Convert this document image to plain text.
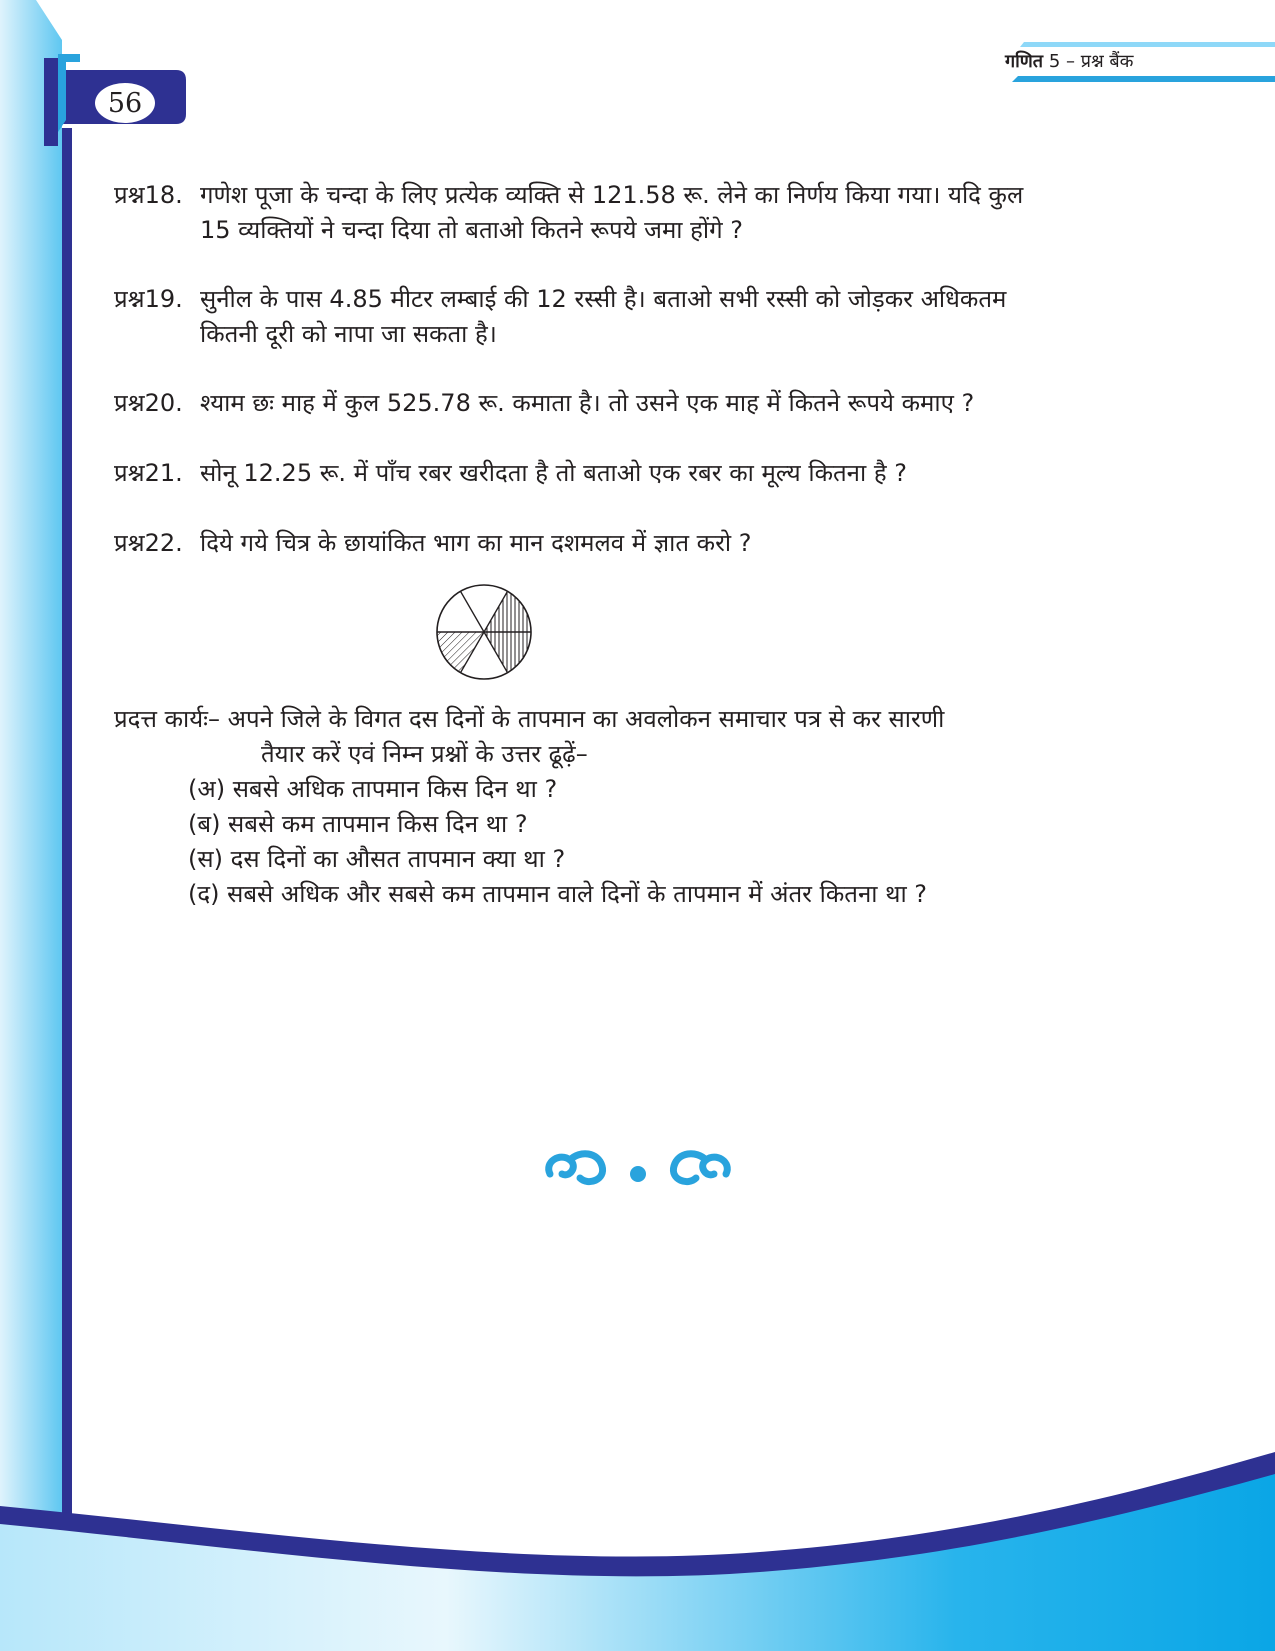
56
गणित 5 – प्रश्न बैंक
प्रश्न18. गणेश पूजा के चन्दा के लिए प्रत्येक व्यक्ति से 121.58 रू. लेने का निर्णय किया गया। यदि कुल
15 व्यक्तियों ने चन्दा दिया तो बताओ कितने रूपये जमा होंगे ?
प्रश्न19. सुनील के पास 4.85 मीटर लम्बाई की 12 रस्सी है। बताओ सभी रस्सी को जोड़कर अधिकतम
कितनी दूरी को नापा जा सकता है।
प्रश्न20. श्याम छः माह में कुल 525.78 रू. कमाता है। तो उसने एक माह में कितने रूपये कमाए ?
प्रश्न21. सोनू 12.25 रू. में पाँच रबर खरीदता है तो बताओ एक रबर का मूल्य कितना है ?
प्रश्न22. दिये गये चित्र के छायांकित भाग का मान दशमलव में ज्ञात करो ?
प्रदत्त कार्यः– अपने जिले के विगत दस दिनों के तापमान का अवलोकन समाचार पत्र से कर सारणी
तैयार करें एवं निम्न प्रश्नों के उत्तर ढूढ़ें–
(अ) सबसे अधिक तापमान किस दिन था ?
(ब) सबसे कम तापमान किस दिन था ?
(स) दस दिनों का औसत तापमान क्या था ?
(द) सबसे अधिक और सबसे कम तापमान वाले दिनों के तापमान में अंतर कितना था ?
